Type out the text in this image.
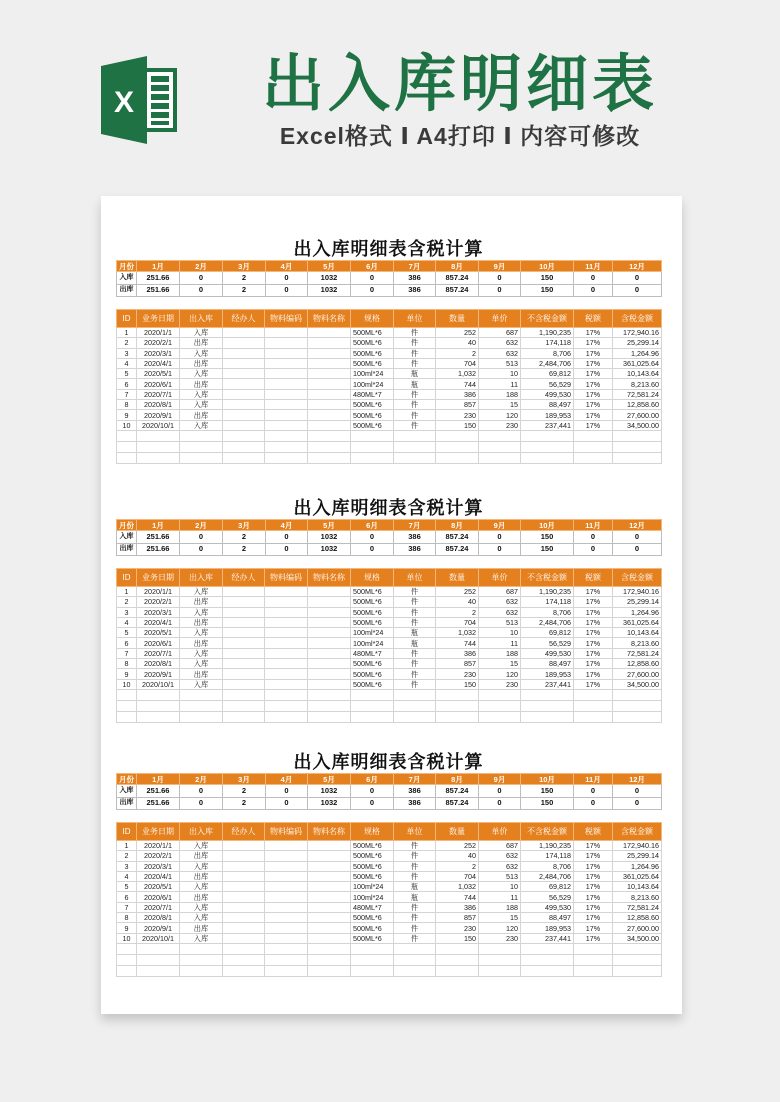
X 出入库明细表
Excel格式 Ⅰ A4打印 Ⅰ 内容可修改
出入库明细表含税计算
月份	1月	2月	3月	4月	5月	6月	7月	8月	9月	10月	11月	12月
入库	251.66	0	2	0	1032	0	386	857.24	0	150	0	0
出库	251.66	0	2	0	1032	0	386	857.24	0	150	0	0
ID	业务日期	出入库	经办人	物料编码	物料名称	规格	单位	数量	单价	不含税金额	税额	含税金额
1	2020/1/1	入库				500ML*6	件	252	687	1,190,235	17%	172,940.16
2	2020/2/1	出库				500ML*6	件	40	632	174,118	17%	25,299.14
3	2020/3/1	入库				500ML*6	件	2	632	8,706	17%	1,264.96
4	2020/4/1	出库				500ML*6	件	704	513	2,484,706	17%	361,025.64
5	2020/5/1	入库				100ml*24	瓶	1,032	10	69,812	17%	10,143.64
6	2020/6/1	出库				100ml*24	瓶	744	11	56,529	17%	8,213.60
7	2020/7/1	入库				480ML*7	件	386	188	499,530	17%	72,581.24
8	2020/8/1	入库				500ML*6	件	857	15	88,497	17%	12,858.60
9	2020/9/1	出库				500ML*6	件	230	120	189,953	17%	27,600.00
10	2020/10/1	入库				500ML*6	件	150	230	237,441	17%	34,500.00

出入库明细表含税计算
月份	1月	2月	3月	4月	5月	6月	7月	8月	9月	10月	11月	12月
入库	251.66	0	2	0	1032	0	386	857.24	0	150	0	0
出库	251.66	0	2	0	1032	0	386	857.24	0	150	0	0
ID	业务日期	出入库	经办人	物料编码	物料名称	规格	单位	数量	单价	不含税金额	税额	含税金额
1	2020/1/1	入库				500ML*6	件	252	687	1,190,235	17%	172,940.16
2	2020/2/1	出库				500ML*6	件	40	632	174,118	17%	25,299.14
3	2020/3/1	入库				500ML*6	件	2	632	8,706	17%	1,264.96
4	2020/4/1	出库				500ML*6	件	704	513	2,484,706	17%	361,025.64
5	2020/5/1	入库				100ml*24	瓶	1,032	10	69,812	17%	10,143.64
6	2020/6/1	出库				100ml*24	瓶	744	11	56,529	17%	8,213.60
7	2020/7/1	入库				480ML*7	件	386	188	499,530	17%	72,581.24
8	2020/8/1	入库				500ML*6	件	857	15	88,497	17%	12,858.60
9	2020/9/1	出库				500ML*6	件	230	120	189,953	17%	27,600.00
10	2020/10/1	入库				500ML*6	件	150	230	237,441	17%	34,500.00

出入库明细表含税计算
月份	1月	2月	3月	4月	5月	6月	7月	8月	9月	10月	11月	12月
入库	251.66	0	2	0	1032	0	386	857.24	0	150	0	0
出库	251.66	0	2	0	1032	0	386	857.24	0	150	0	0
ID	业务日期	出入库	经办人	物料编码	物料名称	规格	单位	数量	单价	不含税金额	税额	含税金额
1	2020/1/1	入库				500ML*6	件	252	687	1,190,235	17%	172,940.16
2	2020/2/1	出库				500ML*6	件	40	632	174,118	17%	25,299.14
3	2020/3/1	入库				500ML*6	件	2	632	8,706	17%	1,264.96
4	2020/4/1	出库				500ML*6	件	704	513	2,484,706	17%	361,025.64
5	2020/5/1	入库				100ml*24	瓶	1,032	10	69,812	17%	10,143.64
6	2020/6/1	出库				100ml*24	瓶	744	11	56,529	17%	8,213.60
7	2020/7/1	入库				480ML*7	件	386	188	499,530	17%	72,581.24
8	2020/8/1	入库				500ML*6	件	857	15	88,497	17%	12,858.60
9	2020/9/1	出库				500ML*6	件	230	120	189,953	17%	27,600.00
10	2020/10/1	入库				500ML*6	件	150	230	237,441	17%	34,500.00
